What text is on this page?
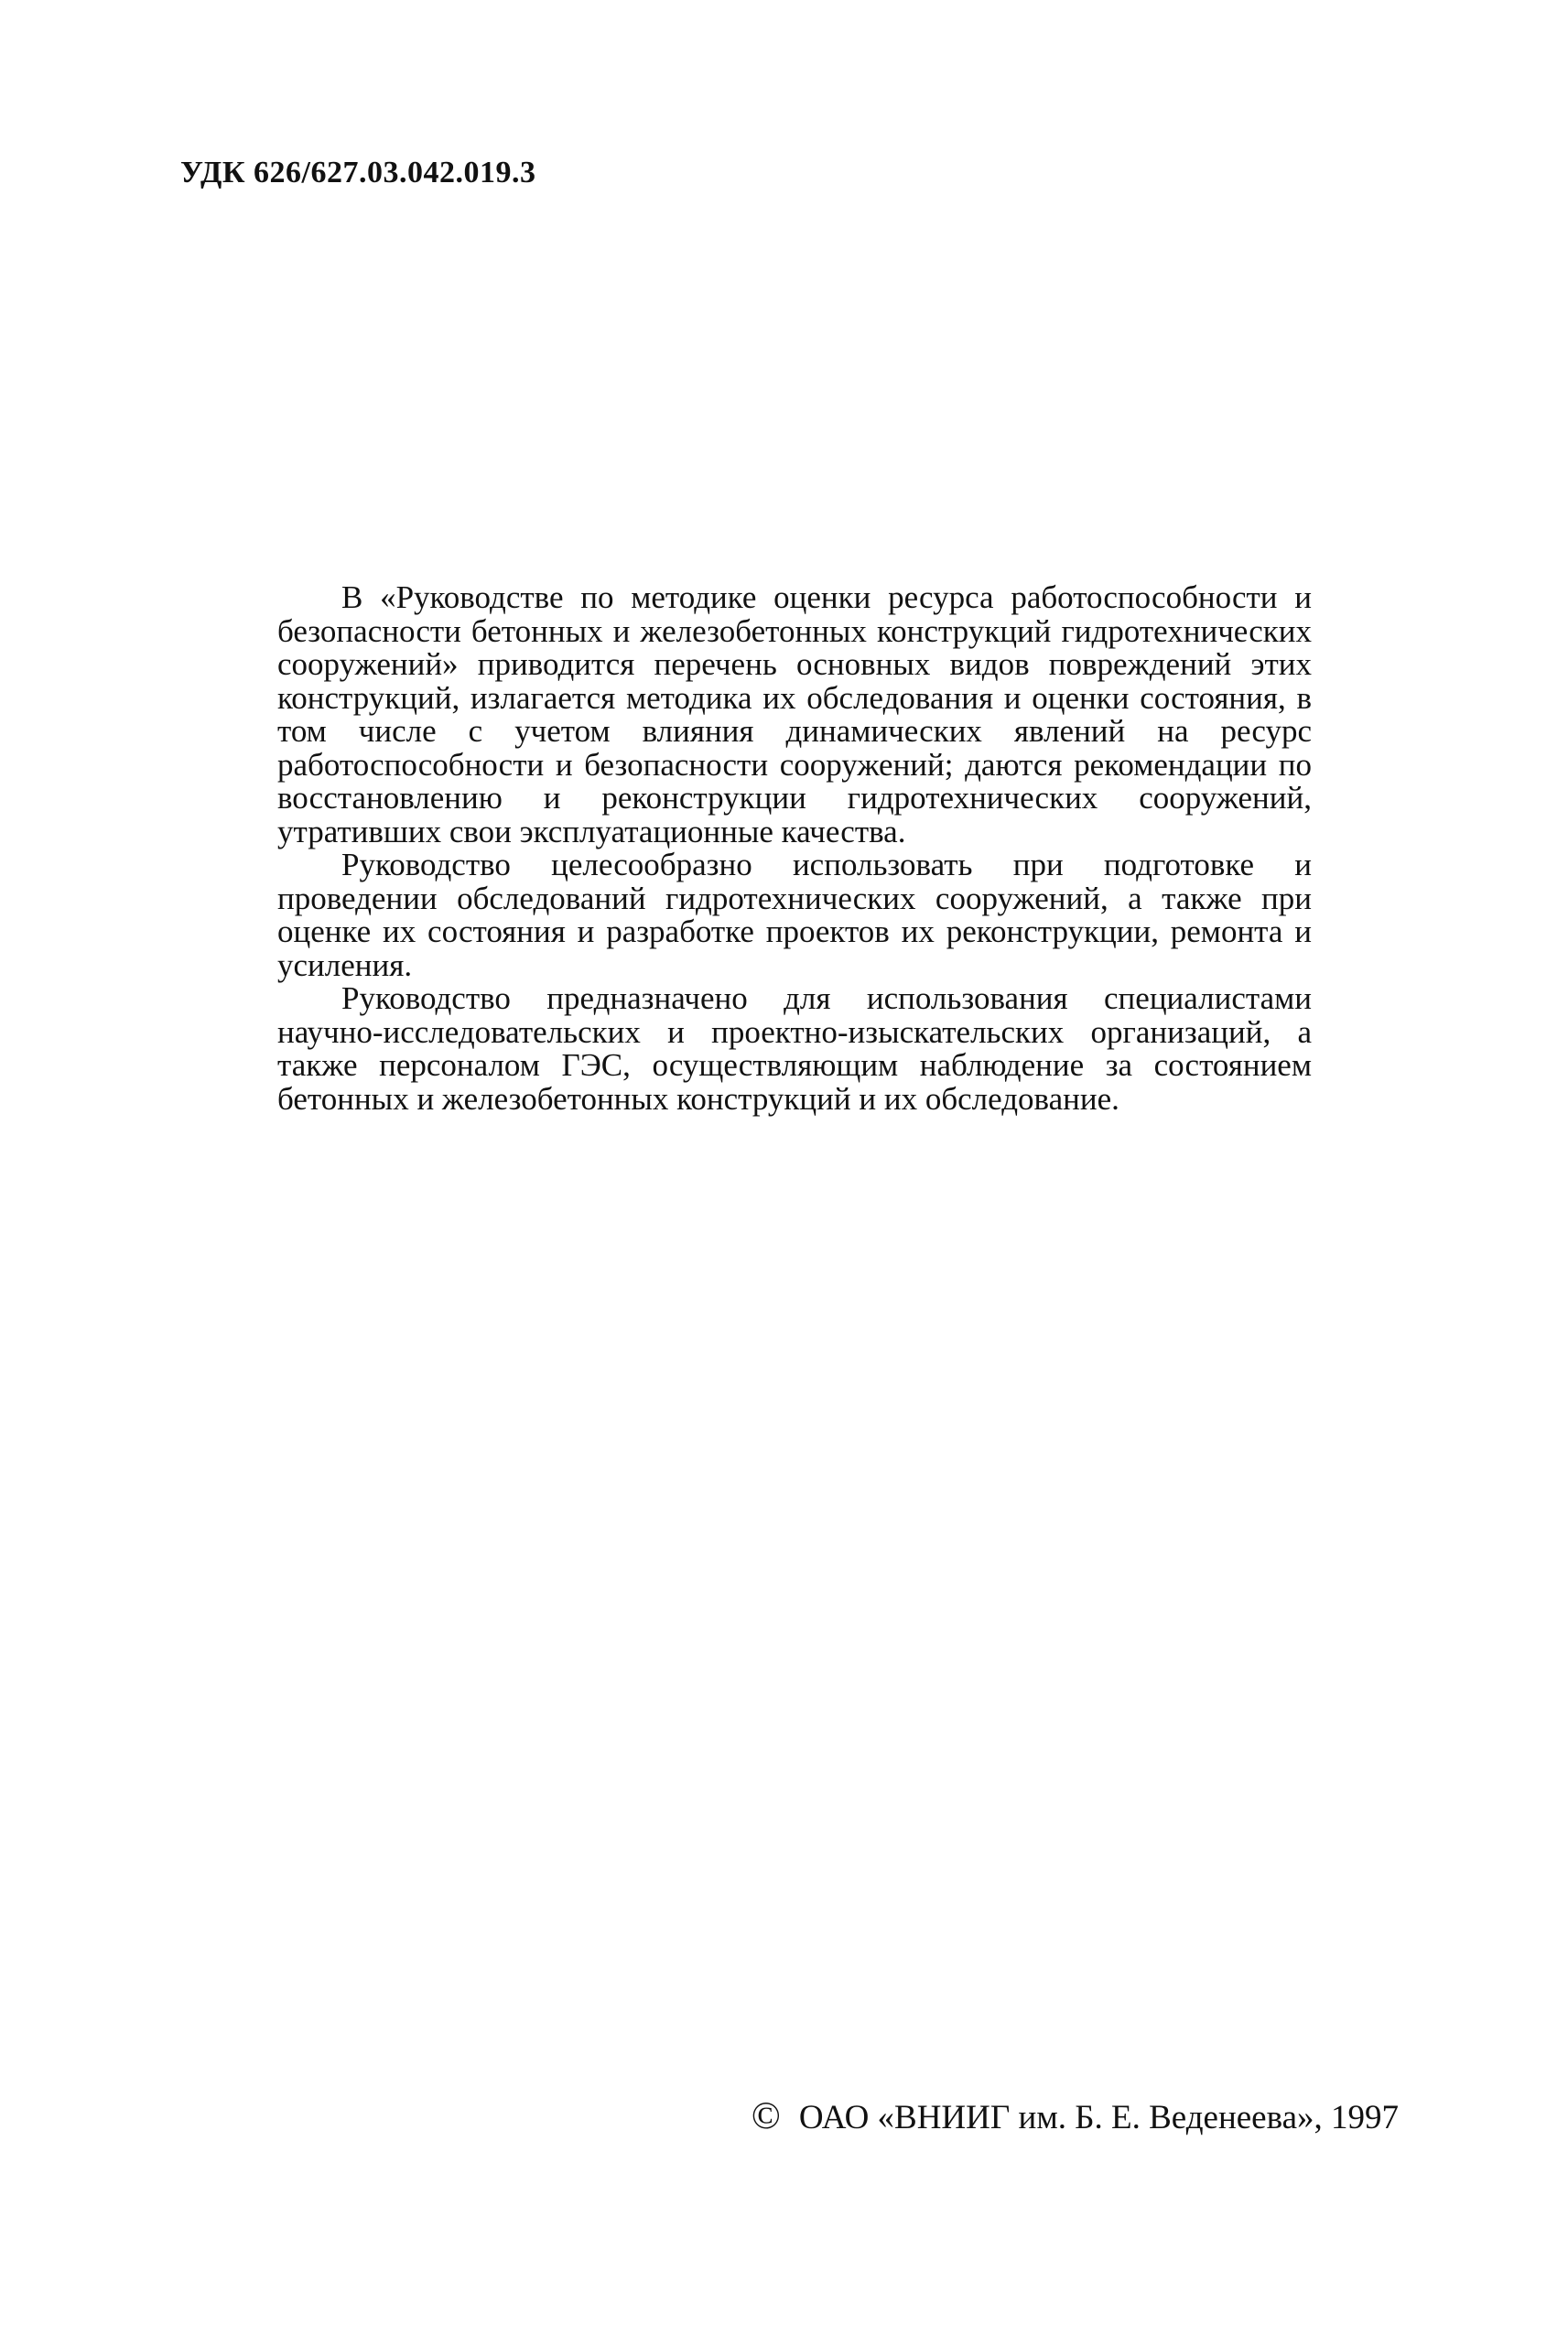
УДК 626/627.03.042.019.3

В «Руководстве по методике оценки ресурса работоспособности и безопасности бетонных и железобетонных конструкций гидротехнических сооружений» приводится перечень основных видов повреждений этих конструкций, излагается методика их обследования и оценки состояния, в том числе с учетом влияния динамических явлений на ресурс работоспособности и безопасности сооружений; даются рекомендации по восстановлению и реконструкции гидротехнических сооружений, утративших свои эксплуатационные качества.

Руководство целесообразно использовать при подготовке и проведении обследований гидротехнических сооружений, а также при оценке их состояния и разработке проектов их реконструкции, ремонта и усиления.

Руководство предназначено для использования специалистами научно-исследовательских и проектно-изыскательских организаций, а также персоналом ГЭС, осуществляющим наблюдение за состоянием бетонных и железобетонных конструкций и их обследование.

© ОАО «ВНИИГ им. Б. Е. Веденеева», 1997
